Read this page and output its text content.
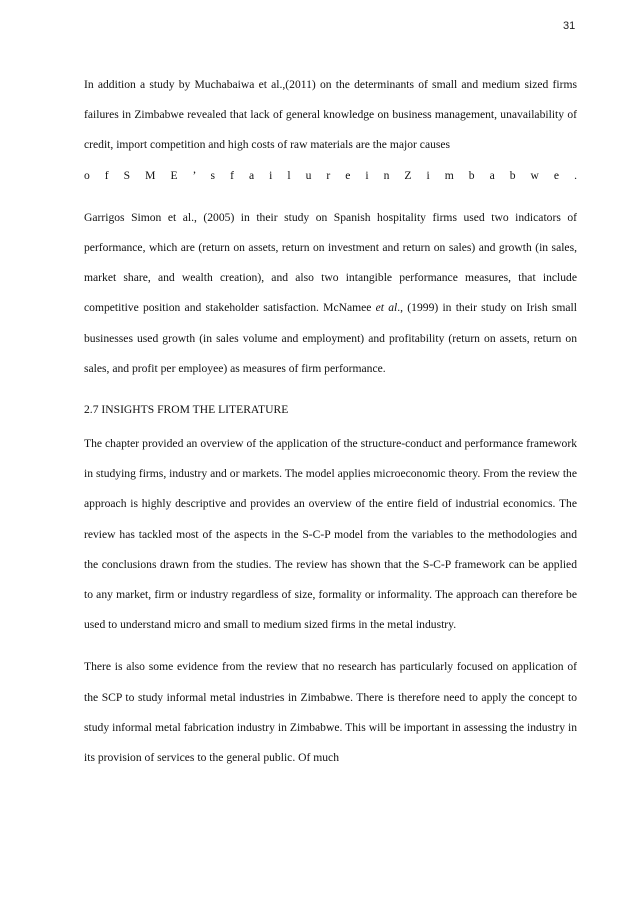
31

In addition a study by Muchabaiwa et al.,(2011) on the determinants of small and medium sized firms failures in Zimbabwe revealed that lack of general knowledge on business management, unavailability of credit, import competition and high costs of raw materials are the major causes
o f S M E ’ s f a i l u r e i n Z i m b a b w e .

Garrigos Simon et al., (2005) in their study on Spanish hospitality firms used two indicators of performance, which are (return on assets, return on investment and return on sales) and growth (in sales, market share, and wealth creation), and also two intangible performance measures, that include competitive position and stakeholder satisfaction. McNamee et al., (1999) in their study on Irish small businesses used growth (in sales volume and employment) and profitability (return on assets, return on sales, and profit per employee) as measures of firm performance.

2.7 INSIGHTS FROM THE LITERATURE

The chapter provided an overview of the application of the structure-conduct and performance framework in studying firms, industry and or markets. The model applies microeconomic theory. From the review the approach is highly descriptive and provides an overview of the entire field of industrial economics. The review has tackled most of the aspects in the S-C-P model from the variables to the methodologies and the conclusions drawn from the studies. The review has shown that the S-C-P framework can be applied to any market, firm or industry regardless of size, formality or informality. The approach can therefore be used to understand micro and small to medium sized firms in the metal industry.

There is also some evidence from the review that no research has particularly focused on application of the SCP to study informal metal industries in Zimbabwe. There is therefore need to apply the concept to study informal metal fabrication industry in Zimbabwe. This will be important in assessing the industry in its provision of services to the general public. Of much
